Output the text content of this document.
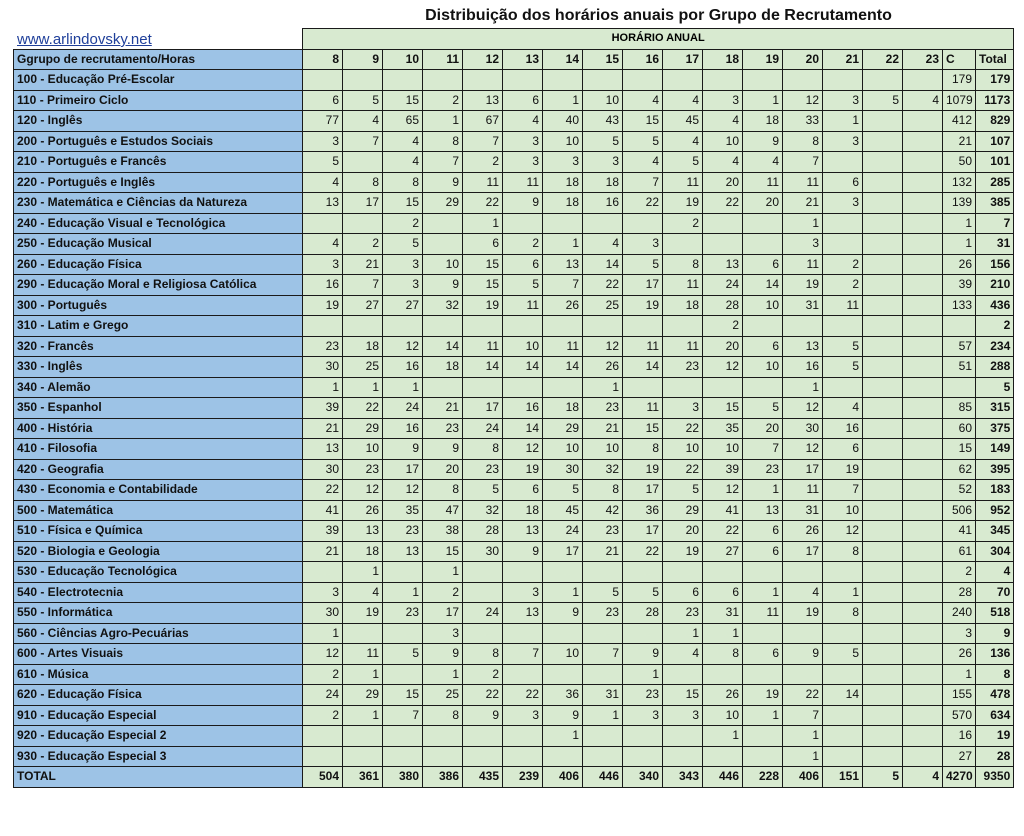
Distribuição dos horários anuais por Grupo de Recrutamento
www.arlindovsky.net
		HORÁRIO ANUAL																	
Ggrupo de recrutamento/Horas	8	9	10	11	12	13	14	15	16	17	18	19	20	21	22	23	C	Total
100 - Educação Pré-Escolar																	179	179
110 - Primeiro Ciclo	6	5	15	2	13	6	1	10	4	4	3	1	12	3	5	4	1079	1173
120 - Inglês	77	4	65	1	67	4	40	43	15	45	4	18	33	1			412	829
200 - Português e Estudos Sociais	3	7	4	8	7	3	10	5	5	4	10	9	8	3			21	107
210 - Português e Francês	5		4	7	2	3	3	3	4	5	4	4	7				50	101
220 - Português e Inglês	4	8	8	9	11	11	18	18	7	11	20	11	11	6			132	285
230 - Matemática e Ciências da Natureza	13	17	15	29	22	9	18	16	22	19	22	20	21	3			139	385
240 - Educação Visual e Tecnológica			2		1					2			1				1	7
250 - Educação Musical	4	2	5		6	2	1	4	3				3				1	31
260 - Educação Física	3	21	3	10	15	6	13	14	5	8	13	6	11	2			26	156
290 - Educação Moral e Religiosa Católica	16	7	3	9	15	5	7	22	17	11	24	14	19	2			39	210
300 - Português	19	27	27	32	19	11	26	25	19	18	28	10	31	11			133	436
310 - Latim e Grego											2							2
320 - Francês	23	18	12	14	11	10	11	12	11	11	20	6	13	5			57	234
330 - Inglês	30	25	16	18	14	14	14	26	14	23	12	10	16	5			51	288
340 - Alemão	1	1	1					1					1					5
350 - Espanhol	39	22	24	21	17	16	18	23	11	3	15	5	12	4			85	315
400 - História	21	29	16	23	24	14	29	21	15	22	35	20	30	16			60	375
410 - Filosofia	13	10	9	9	8	12	10	10	8	10	10	7	12	6			15	149
420 - Geografia	30	23	17	20	23	19	30	32	19	22	39	23	17	19			62	395
430 - Economia e Contabilidade	22	12	12	8	5	6	5	8	17	5	12	1	11	7			52	183
500 - Matemática	41	26	35	47	32	18	45	42	36	29	41	13	31	10			506	952
510 - Física e Química	39	13	23	38	28	13	24	23	17	20	22	6	26	12			41	345
520 - Biologia e Geologia	21	18	13	15	30	9	17	21	22	19	27	6	17	8			61	304
530 - Educação Tecnológica		1		1													2	4
540 - Electrotecnia	3	4	1	2		3	1	5	5	6	6	1	4	1			28	70
550 - Informática	30	19	23	17	24	13	9	23	28	23	31	11	19	8			240	518
560 - Ciências Agro-Pecuárias	1			3						1	1						3	9
600 - Artes Visuais	12	11	5	9	8	7	10	7	9	4	8	6	9	5			26	136
610 - Música	2	1		1	2				1								1	8
620 - Educação Física	24	29	15	25	22	22	36	31	23	15	26	19	22	14			155	478
910 - Educação Especial	2	1	7	8	9	3	9	1	3	3	10	1	7				570	634
920 - Educação Especial 2							1				1		1				16	19
930 - Educação Especial 3													1				27	28
TOTAL	504	361	380	386	435	239	406	446	340	343	446	228	406	151	5	4	4270	9350
